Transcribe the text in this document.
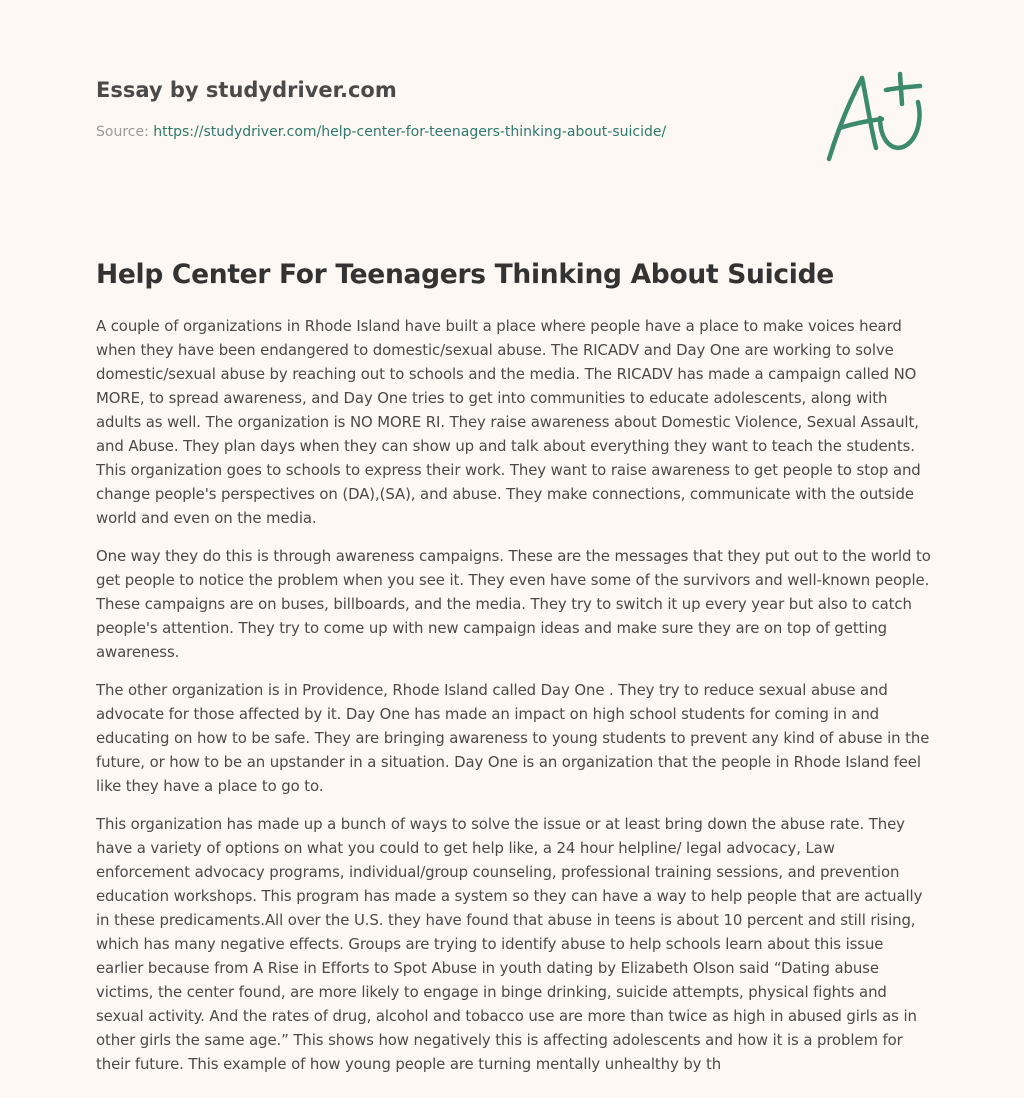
Essay by studydriver.com
Source: https://studydriver.com/help-center-for-teenagers-thinking-about-suicide/
Help Center For Teenagers Thinking About Suicide

A couple of organizations in Rhode Island have built a place where people have a place to make voices heard when they have been endangered to domestic/sexual abuse. The RICADV and Day One are working to solve domestic/sexual abuse by reaching out to schools and the media. The RICADV has made a campaign called NO MORE, to spread awareness, and Day One tries to get into communities to educate adolescents, along with adults as well. The organization is NO MORE RI. They raise awareness about Domestic Violence, Sexual Assault, and Abuse. They plan days when they can show up and talk about everything they want to teach the students. This organization goes to schools to express their work. They want to raise awareness to get people to stop and change people's perspectives on (DA),(SA), and abuse. They make connections, communicate with the outside world and even on the media.

One way they do this is through awareness campaigns. These are the messages that they put out to the world to get people to notice the problem when you see it. They even have some of the survivors and well-known people. These campaigns are on buses, billboards, and the media. They try to switch it up every year but also to catch people's attention. They try to come up with new campaign ideas and make sure they are on top of getting awareness.

The other organization is in Providence, Rhode Island called Day One . They try to reduce sexual abuse and advocate for those affected by it. Day One has made an impact on high school students for coming in and educating on how to be safe. They are bringing awareness to young students to prevent any kind of abuse in the future, or how to be an upstander in a situation. Day One is an organization that the people in Rhode Island feel like they have a place to go to.

This organization has made up a bunch of ways to solve the issue or at least bring down the abuse rate. They have a variety of options on what you could to get help like, a 24 hour helpline/ legal advocacy, Law enforcement advocacy programs, individual/group counseling, professional training sessions, and prevention education workshops. This program has made a system so they can have a way to help people that are actually in these predicaments.All over the U.S. they have found that abuse in teens is about 10 percent and still rising, which has many negative effects. Groups are trying to identify abuse to help schools learn about this issue earlier because from A Rise in Efforts to Spot Abuse in youth dating by Elizabeth Olson said “Dating abuse victims, the center found, are more likely to engage in binge drinking, suicide attempts, physical fights and sexual activity. And the rates of drug, alcohol and tobacco use are more than twice as high in abused girls as in other girls the same age.” This shows how negatively this is affecting adolescents and how it is a problem for their future. This example of how young people are turning mentally unhealthy by th
